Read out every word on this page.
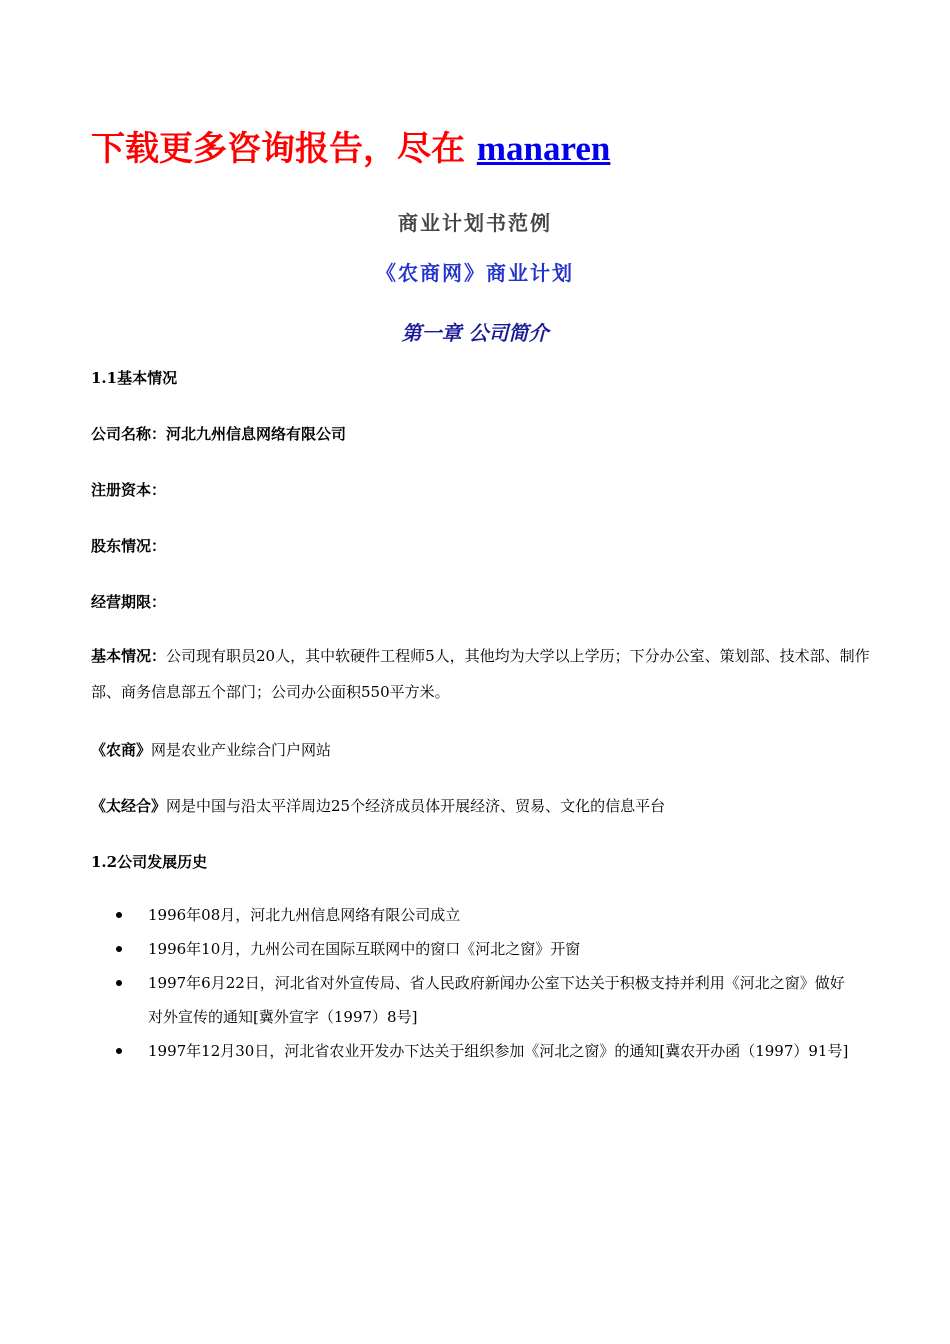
下载更多咨询报告，尽在 manaren
商业计划书范例
《农商网》商业计划
第一章 公司简介
1.1基本情况
公司名称：河北九州信息网络有限公司
注册资本：
股东情况：
经营期限：
基本情况：公司现有职员20人，其中软硬件工程师5人，其他均为大学以上学历；下分办公室、策划部、技术部、制作部、商务信息部五个部门；公司办公面积550平方米。
《农商》网是农业产业综合门户网站
《太经合》网是中国与沿太平洋周边25个经济成员体开展经济、贸易、文化的信息平台
1.2公司发展历史
1996年08月，河北九州信息网络有限公司成立
1996年10月，九州公司在国际互联网中的窗口《河北之窗》开窗
1997年6月22日，河北省对外宣传局、省人民政府新闻办公室下达关于积极支持并利用《河北之窗》做好对外宣传的通知[冀外宣字（1997）8号]
1997年12月30日，河北省农业开发办下达关于组织参加《河北之窗》的通知[冀农开办函（1997）91号]
